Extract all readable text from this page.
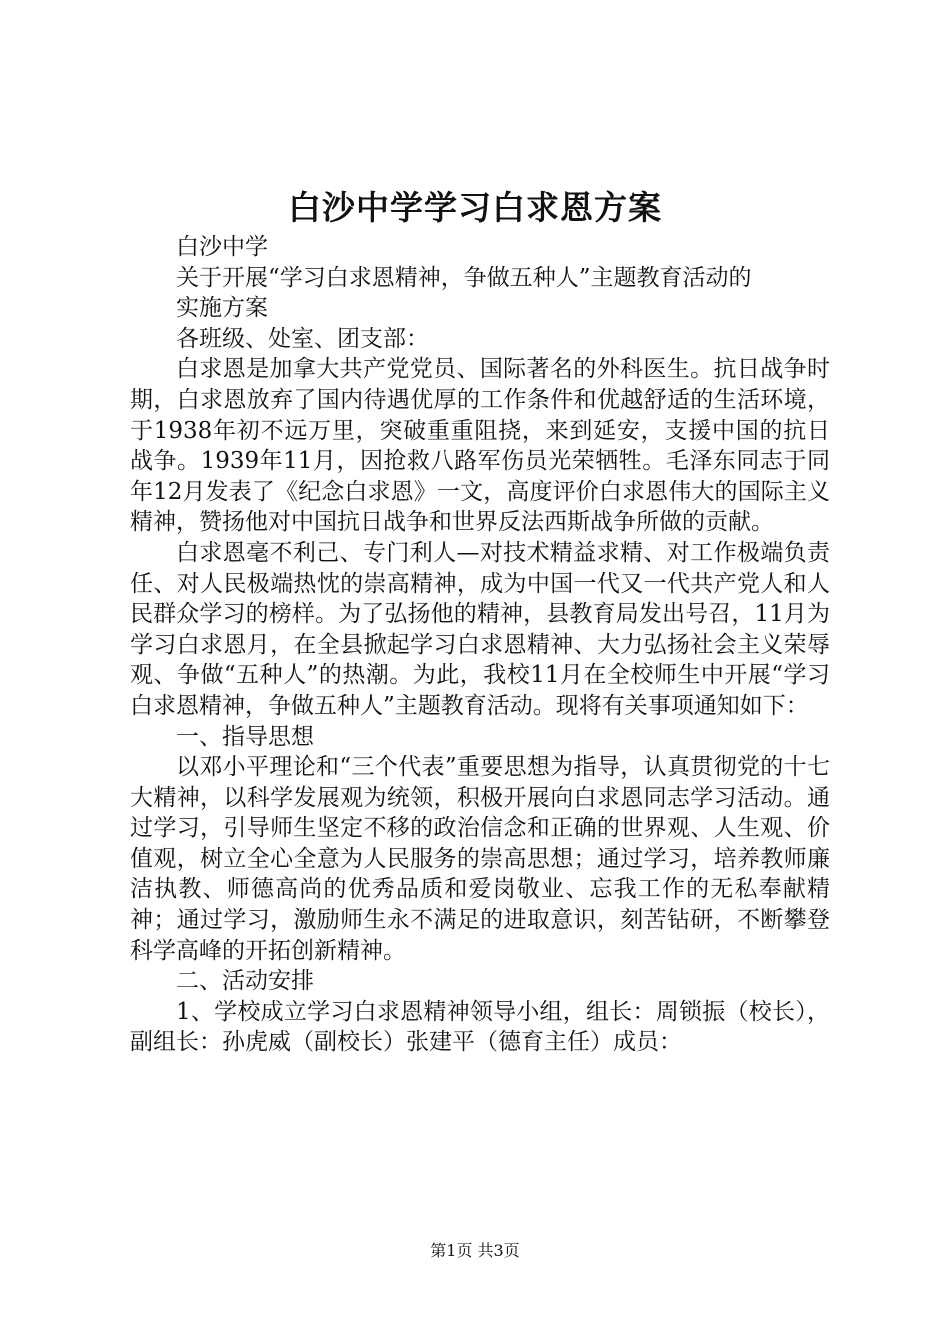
白沙中学学习白求恩方案

白沙中学

关于开展“学习白求恩精神，争做五种人”主题教育活动的

实施方案

各班级、处室、团支部：

白求恩是加拿大共产党党员、国际著名的外科医生。抗日战争时期，白求恩放弃了国内待遇优厚的工作条件和优越舒适的生活环境，于1938年初不远万里，突破重重阻挠，来到延安，支援中国的抗日战争。1939年11月，因抢救八路军伤员光荣牺牲。毛泽东同志于同年12月发表了《纪念白求恩》一文，高度评价白求恩伟大的国际主义精神，赞扬他对中国抗日战争和世界反法西斯战争所做的贡献。

白求恩毫不利己、专门利人—对技术精益求精、对工作极端负责任、对人民极端热忱的崇高精神，成为中国一代又一代共产党人和人民群众学习的榜样。为了弘扬他的精神，县教育局发出号召，11月为学习白求恩月，在全县掀起学习白求恩精神、大力弘扬社会主义荣辱观、争做“五种人”的热潮。为此，我校11月在全校师生中开展“学习白求恩精神，争做五种人”主题教育活动。现将有关事项通知如下：

一、指导思想

以邓小平理论和“三个代表”重要思想为指导，认真贯彻党的十七大精神，以科学发展观为统领，积极开展向白求恩同志学习活动。通过学习，引导师生坚定不移的政治信念和正确的世界观、人生观、价值观，树立全心全意为人民服务的崇高思想；通过学习，培养教师廉洁执教、师德高尚的优秀品质和爱岗敬业、忘我工作的无私奉献精神；通过学习，激励师生永不满足的进取意识，刻苦钻研，不断攀登科学高峰的开拓创新精神。

二、活动安排

1、学校成立学习白求恩精神领导小组，组长：周锁振（校长），副组长：孙虎威（副校长）张建平（德育主任）成员：

第1页 共3页
